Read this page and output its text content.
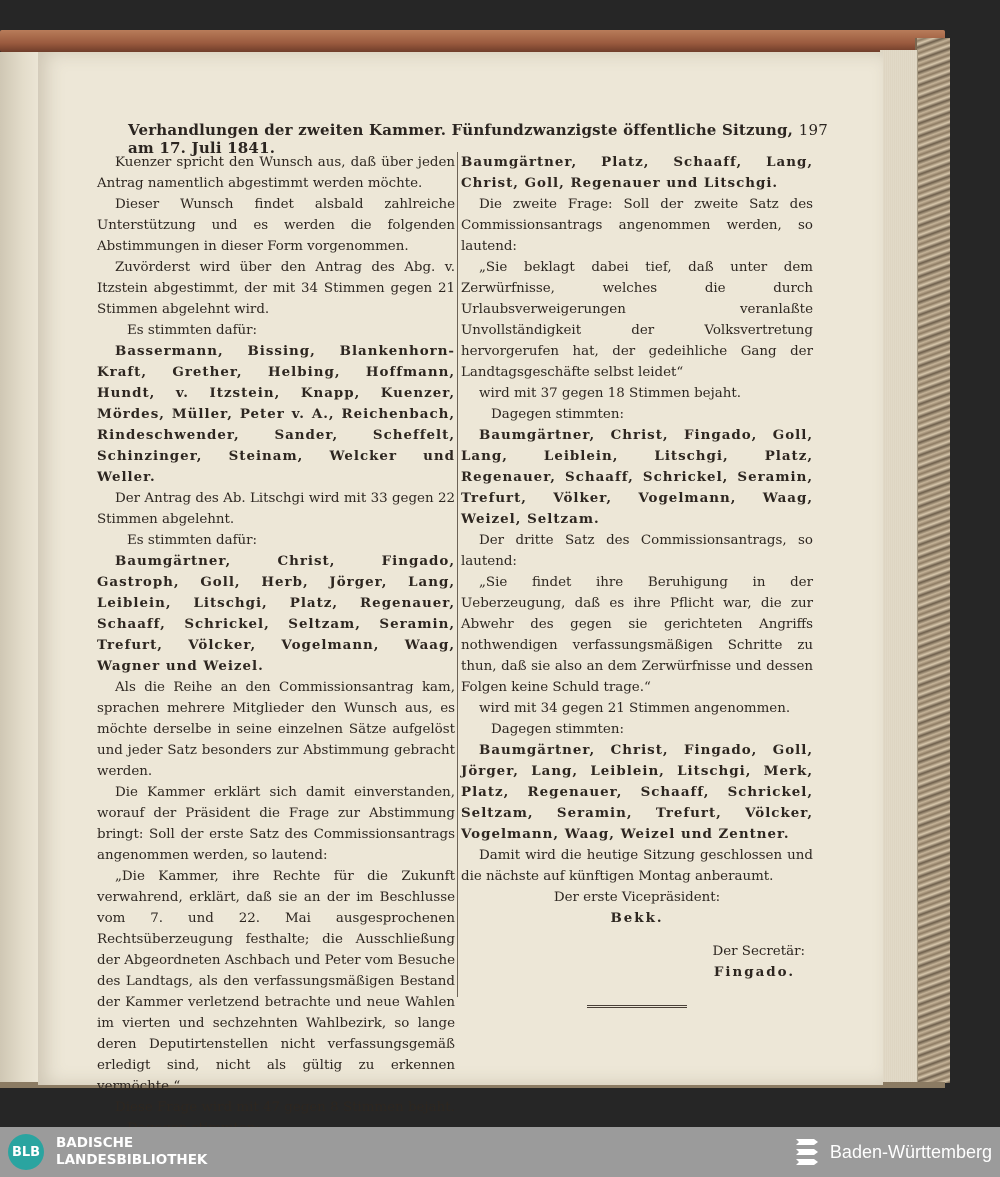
Verhandlungen der zweiten Kammer. Fünfundzwanzigste öffentliche Sitzung, am 17. Juli 1841.
197

Kuenzer spricht den Wunsch aus, daß über jeden Antrag namentlich abgestimmt werden möchte.

Dieser Wunsch findet alsbald zahlreiche Unterstützung und es werden die folgenden Abstimmungen in dieser Form vorgenommen.

Zuvörderst wird über den Antrag des Abg. v. Itzstein abgestimmt, der mit 34 Stimmen gegen 21 Stimmen abgelehnt wird.

Es stimmten dafür:

Bassermann, Bissing, Blankenhorn-Kraft, Grether, Helbing, Hoffmann, Hundt, v. Itzstein, Knapp, Kuenzer, Mördes, Müller, Peter v. A., Reichenbach, Rindeschwender, Sander, Scheffelt, Schinzinger, Steinam, Welcker und Weller.

Der Antrag des Ab. Litschgi wird mit 33 gegen 22 Stimmen abgelehnt.

Es stimmten dafür:

Baumgärtner, Christ, Fingado, Gastroph, Goll, Herb, Jörger, Lang, Leiblein, Litschgi, Platz, Regenauer, Schaaff, Schrickel, Seltzam, Seramin, Trefurt, Völcker, Vogelmann, Waag, Wagner und Weizel.

Als die Reihe an den Commissionsantrag kam, sprachen mehrere Mitglieder den Wunsch aus, es möchte derselbe in seine einzelnen Sätze aufgelöst und jeder Satz besonders zur Abstimmung gebracht werden.

Die Kammer erklärt sich damit einverstanden, worauf der Präsident die Frage zur Abstimmung bringt: Soll der erste Satz des Commissionsantrags angenommen werden, so lautend:

„Die Kammer, ihre Rechte für die Zukunft verwahrend, erklärt, daß sie an der im Beschlusse vom 7. und 22. Mai ausgesprochenen Rechtsüberzeugung festhalte; die Ausschließung der Abgeordneten Aschbach und Peter vom Besuche des Landtags, als den verfassungsmäßigen Bestand der Kammer verletzend betrachte und neue Wahlen im vierten und sechzehnten Wahlbezirk, so lange deren Deputirtenstellen nicht verfassungsgemäß erledigt sind, nicht als gültig zu erkennen vermöchte.“

Diese Frage wird mit 47 gegen 8 Stimmen bejaht.

Baumgärtner, Platz, Schaaff, Lang, Christ, Goll, Regenauer und Litschgi.

Die zweite Frage: Soll der zweite Satz des Commissionsantrags angenommen werden, so lautend:

„Sie beklagt dabei tief, daß unter dem Zerwürfnisse, welches die durch Urlaubsverweigerungen veranlaßte Unvollständigkeit der Volksvertretung hervorgerufen hat, der gedeihliche Gang der Landtagsgeschäfte selbst leidet“

wird mit 37 gegen 18 Stimmen bejaht.

Dagegen stimmten:

Baumgärtner, Christ, Fingado, Goll, Lang, Leiblein, Litschgi, Platz, Regenauer, Schaaff, Schrickel, Seramin, Trefurt, Völker, Vogelmann, Waag, Weizel, Seltzam.

Der dritte Satz des Commissionsantrags, so lautend:

„Sie findet ihre Beruhigung in der Ueberzeugung, daß es ihre Pflicht war, die zur Abwehr des gegen sie gerichteten Angriffs nothwendigen verfassungsmäßigen Schritte zu thun, daß sie also an dem Zerwürfnisse und dessen Folgen keine Schuld trage.“

wird mit 34 gegen 21 Stimmen angenommen.

Dagegen stimmten:

Baumgärtner, Christ, Fingado, Goll, Jörger, Lang, Leiblein, Litschgi, Merk, Platz, Regenauer, Schaaff, Schrickel, Seltzam, Seramin, Trefurt, Völcker, Vogelmann, Waag, Weizel und Zentner.

Damit wird die heutige Sitzung geschlossen und die nächste auf künftigen Montag anberaumt.

Der erste Vicepräsident:

Bekk.

Der Secretär:

Fingado.

BLB
BADISCHE
LANDESBIBLIOTHEK	Baden-Württemberg
